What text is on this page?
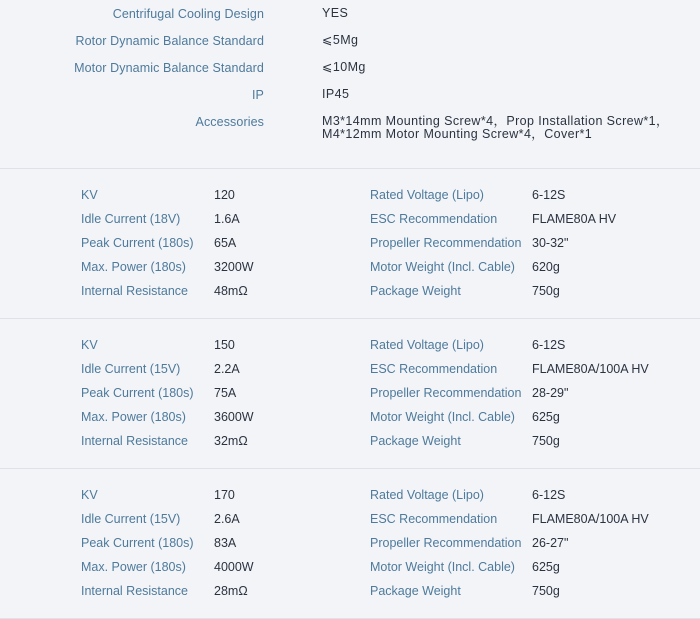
Centrifugal Cooling Design	YES
Rotor Dynamic Balance Standard	⩽5Mg
Motor Dynamic Balance Standard	⩽10Mg
IP	IP45
Accessories	M3*14mm Mounting Screw*4，Prop Installation Screw*1，
M4*12mm Motor Mounting Screw*4，Cover*1
KV	120	Rated Voltage (Lipo)	6-12S
Idle Current (18V)	1.6A	ESC Recommendation	FLAME80A HV
Peak Current (180s) 65A	Propeller Recommendation 30-32"
Max. Power (180s) 3200W	Motor Weight (Incl. Cable) 620g
Internal Resistance 48mΩ	Package Weight	750g
KV	150	Rated Voltage (Lipo)	6-12S
Idle Current (15V)	2.2A	ESC Recommendation	FLAME80A/100A HV
Peak Current (180s) 75A	Propeller Recommendation 28-29"
Max. Power (180s) 3600W	Motor Weight (Incl. Cable) 625g
Internal Resistance 32mΩ	Package Weight	750g
KV	170	Rated Voltage (Lipo)	6-12S
Idle Current (15V)	2.6A	ESC Recommendation	FLAME80A/100A HV
Peak Current (180s) 83A	Propeller Recommendation 26-27"
Max. Power (180s) 4000W	Motor Weight (Incl. Cable) 625g
Internal Resistance 28mΩ	Package Weight	750g
